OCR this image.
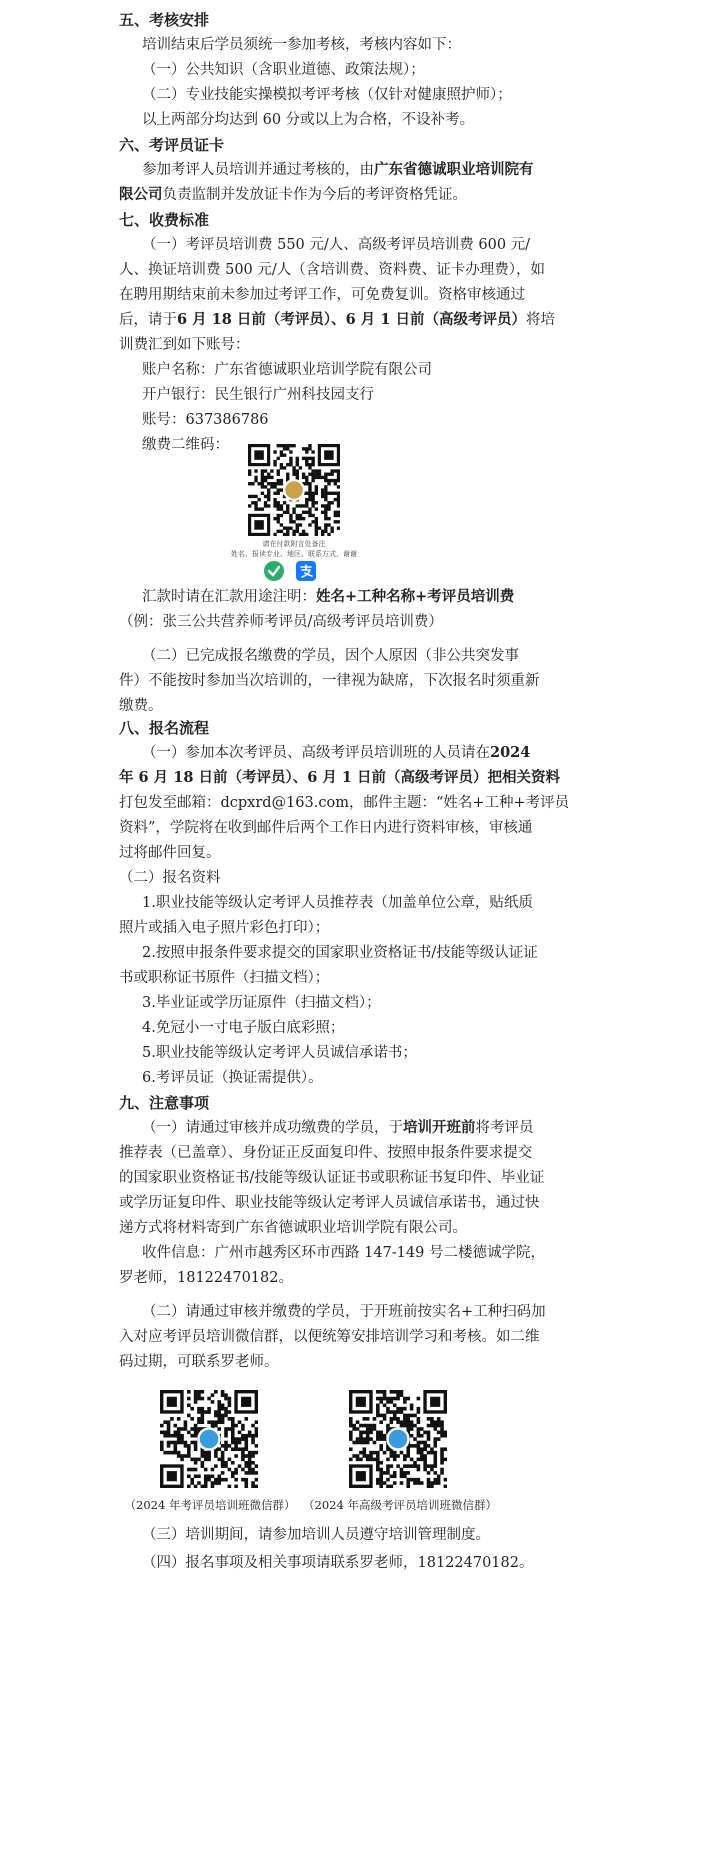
五、考核安排
培训结束后学员须统一参加考核，考核内容如下：
（一）公共知识（含职业道德、政策法规）；
（二）专业技能实操模拟考评考核（仅针对健康照护师）；
以上两部分均达到 60 分或以上为合格，不设补考。
六、考评员证卡
参加考评人员培训并通过考核的，由广东省德诚职业培训院有
限公司负责监制并发放证卡作为今后的考评资格凭证。
七、收费标准
（一）考评员培训费 550 元/人、高级考评员培训费 600 元/
人、换证培训费 500 元/人（含培训费、资料费、证卡办理费），如
在聘用期结束前未参加过考评工作，可免费复训。资格审核通过
后，请于6 月 18 日前（考评员）、6 月 1 日前（高级考评员）将培
训费汇到如下账号：
账户名称：广东省德诚职业培训学院有限公司
开户银行：民生银行广州科技园支行
账号：637386786
缴费二维码：
请在付款附言处备注
姓名、报读专业、地区、联系方式，谢谢
汇款时请在汇款用途注明：姓名+工种名称+考评员培训费
（例：张三公共营养师考评员/高级考评员培训费）
（二）已完成报名缴费的学员，因个人原因（非公共突发事
件）不能按时参加当次培训的，一律视为缺席，下次报名时须重新
缴费。
八、报名流程
（一）参加本次考评员、高级考评员培训班的人员请在2024
年 6 月 18 日前（考评员）、6 月 1 日前（高级考评员）把相关资料
打包发至邮箱：dcpxrd@163.com，邮件主题：“姓名+工种+考评员
资料”，学院将在收到邮件后两个工作日内进行资料审核，审核通
过将邮件回复。
（二）报名资料
1.职业技能等级认定考评人员推荐表（加盖单位公章，贴纸质
照片或插入电子照片彩色打印）；
2.按照申报条件要求提交的国家职业资格证书/技能等级认证证
书或职称证书原件（扫描文档）；
3.毕业证或学历证原件（扫描文档）；
4.免冠小一寸电子版白底彩照；
5.职业技能等级认定考评人员诚信承诺书；
6.考评员证（换证需提供）。
九、注意事项
（一）请通过审核并成功缴费的学员，于培训开班前将考评员
推荐表（已盖章）、身份证正反面复印件、按照申报条件要求提交
的国家职业资格证书/技能等级认证证书或职称证书复印件、毕业证
或学历证复印件、职业技能等级认定考评人员诚信承诺书，通过快
递方式将材料寄到广东省德诚职业培训学院有限公司。
收件信息：广州市越秀区环市西路 147-149 号二楼德诚学院，
罗老师，18122470182。
（二）请通过审核并缴费的学员，于开班前按实名+工种扫码加
入对应考评员培训微信群，以便统筹安排培训学习和考核。如二维
码过期，可联系罗老师。
（2024 年考评员培训班微信群） （2024 年高级考评员培训班微信群）
（三）培训期间，请参加培训人员遵守培训管理制度。
（四）报名事项及相关事项请联系罗老师，18122470182。
